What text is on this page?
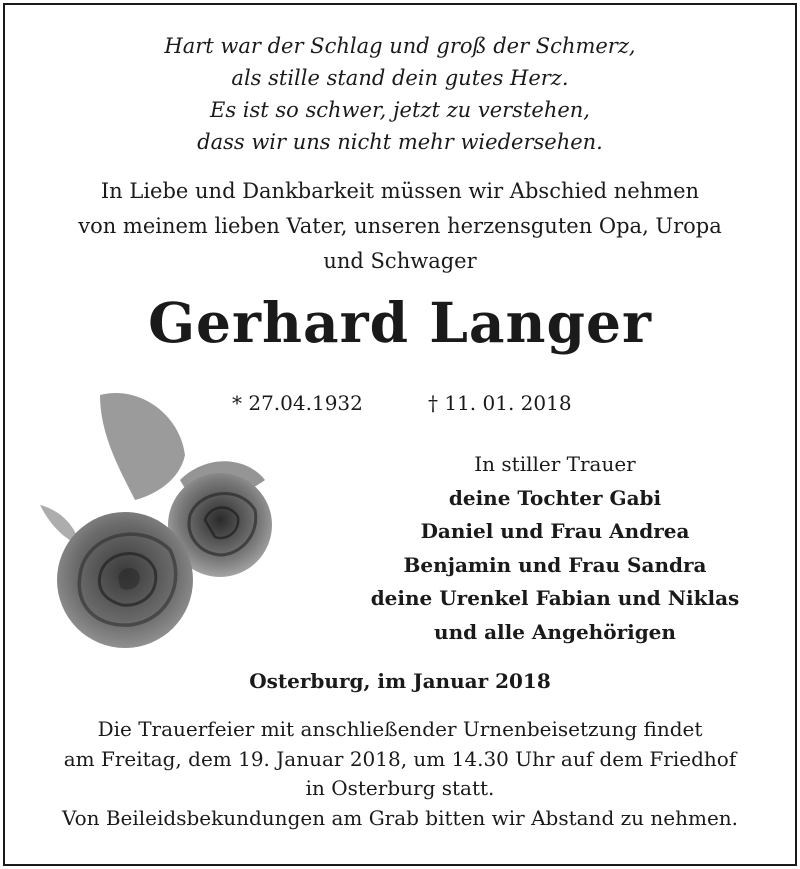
Hart war der Schlag und groß der Schmerz,
als stille stand dein gutes Herz.
Es ist so schwer, jetzt zu verstehen,
dass wir uns nicht mehr wiedersehen.
In Liebe und Dankbarkeit müssen wir Abschied nehmen
von meinem lieben Vater, unseren herzensguten Opa, Uropa
und Schwager
Gerhard Langer
* 27.04.1932	† 11. 01. 2018
In stiller Trauer
deine Tochter Gabi
Daniel und Frau Andrea
Benjamin und Frau Sandra
deine Urenkel Fabian und Niklas
und alle Angehörigen
Osterburg, im Januar 2018
Die Trauerfeier mit anschließender Urnenbeisetzung findet
am Freitag, dem 19. Januar 2018, um 14.30 Uhr auf dem Friedhof
in Osterburg statt.
Von Beileidsbekundungen am Grab bitten wir Abstand zu nehmen.
